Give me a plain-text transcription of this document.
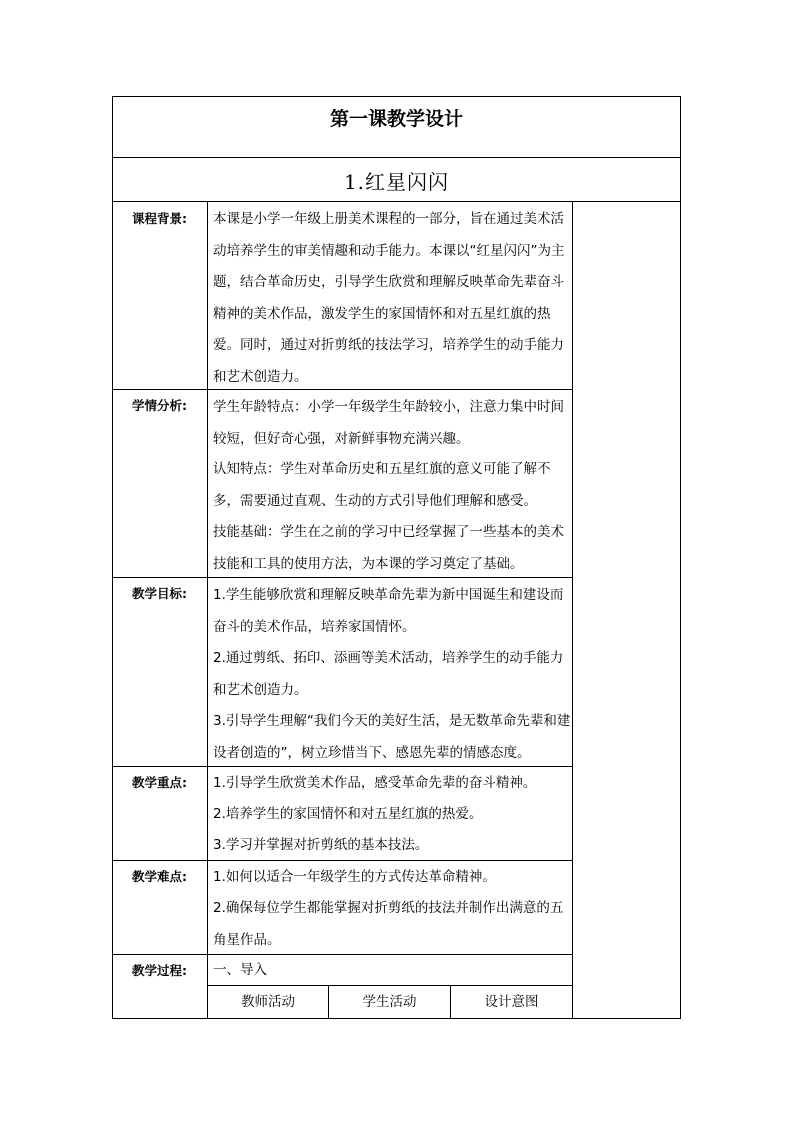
第一课教学设计
1.红星闪闪
课程背景:	本课是小学一年级上册美术课程的一部分，旨在通过美术活动培养学生的审美情趣和动手能力。本课以“红星闪闪”为主题，结合革命历史，引导学生欣赏和理解反映革命先辈奋斗精神的美术作品，激发学生的家国情怀和对五星红旗的热爱。同时，通过对折剪纸的技法学习，培养学生的动手能力和艺术创造力。

学情分析:	学生年龄特点：小学一年级学生年龄较小，注意力集中时间较短，但好奇心强，对新鲜事物充满兴趣。

认知特点：学生对革命历史和五星红旗的意义可能了解不多，需要通过直观、生动的方式引导他们理解和感受。

技能基础：学生在之前的学习中已经掌握了一些基本的美术技能和工具的使用方法，为本课的学习奠定了基础。

教学目标:	1.学生能够欣赏和理解反映革命先辈为新中国诞生和建设而奋斗的美术作品，培养家国情怀。

2.通过剪纸、拓印、添画等美术活动，培养学生的动手能力和艺术创造力。

3.引导学生理解“我们今天的美好生活，是无数革命先辈和建设者创造的”，树立珍惜当下、感恩先辈的情感态度。

教学重点:	1.引导学生欣赏美术作品，感受革命先辈的奋斗精神。

2.培养学生的家国情怀和对五星红旗的热爱。

3.学习并掌握对折剪纸的基本技法。

教学难点:	1.如何以适合一年级学生的方式传达革命精神。

2.确保每位学生都能掌握对折剪纸的技法并制作出满意的五角星作品。

教学过程:	一、导入
教师活动	学生活动	设计意图
